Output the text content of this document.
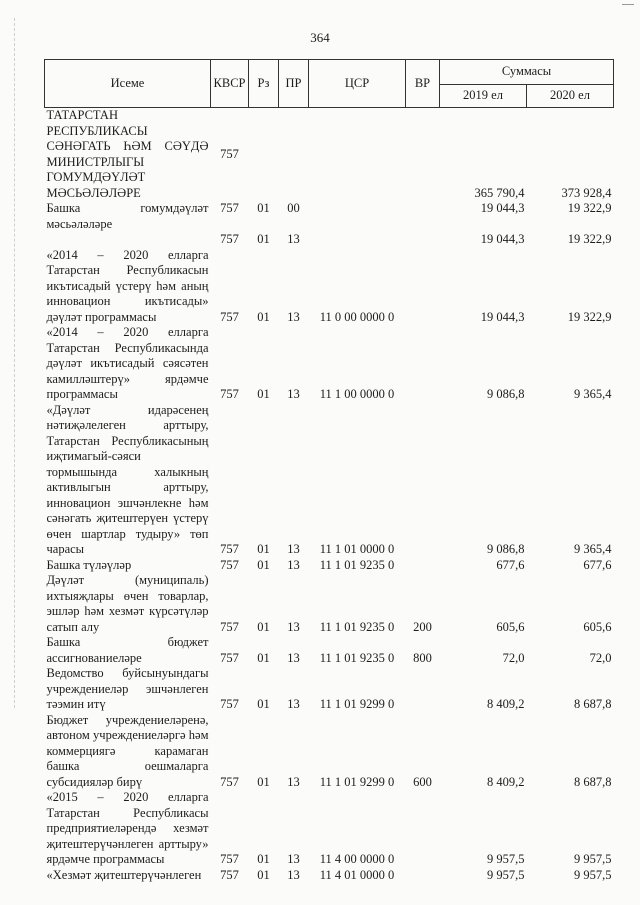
364
Исеме	КВСР	Рз	ПР	ЦСР	ВР	Суммасы	
						2019 ел	2020 ел
ТАТАРСТАН РЕСПУБЛИКАСЫ СӘНӘГАТЬ ҺӘМ СӘҮДӘ МИНИСТРЛЫГЫ ГОМУМДӘҮЛӘТ МӘСЬӘЛӘЛӘРЕ	757					365 790,4	373 928,4
Башка гомумдәүләт мәсьәләләре	757	01	00			19 044,3	19 322,9
	757	01	13			19 044,3	19 322,9
«2014 – 2020 елларга Татарстан Республикасын икътисадый үстерү һәм аның инновацион икътисады» дәүләт программасы	757	01	13	11 0 00 0000 0		19 044,3	19 322,9
«2014 – 2020 елларга Татарстан Республикасында дәүләт икътисадый сәясәтен камилләштерү» ярдәмче программасы	757	01	13	11 1 00 0000 0		9 086,8	9 365,4
«Дәүләт идарәсенең нәтиҗәлелеген арттыру, Татарстан Республикасының иҗтимагый-сәяси тормышында халыкның активлыгын арттыру, инновацион эшчәнлекне һәм сәнәгать җитештерүен үстерү өчен шартлар тудыру» төп чарасы	757	01	13	11 1 01 0000 0		9 086,8	9 365,4
Башка түләүләр	757	01	13	11 1 01 9235 0		677,6	677,6
Дәүләт (муниципаль) ихтыяҗлары өчен товарлар, эшләр һәм хезмәт күрсәтүләр сатып алу	757	01	13	11 1 01 9235 0	200	605,6	605,6
Башка бюджет ассигнованиеләре	757	01	13	11 1 01 9235 0	800	72,0	72,0
Ведомство буйсынуындагы учреждениеләр эшчәнлеген тәэмин итү	757	01	13	11 1 01 9299 0		8 409,2	8 687,8
Бюджет учреждениеләренә, автоном учреждениеләргә һәм коммерциягә карамаган башка оешмаларга субсидияләр бирү	757	01	13	11 1 01 9299 0	600	8 409,2	8 687,8
«2015 – 2020 елларга Татарстан Республикасы предприятиеләрендә хезмәт җитештерүчәнлеген арттыру» ярдәмче программасы	757	01	13	11 4 00 0000 0		9 957,5	9 957,5
«Хезмәт җитештерүчәнлеген	757	01	13	11 4 01 0000 0		9 957,5	9 957,5
